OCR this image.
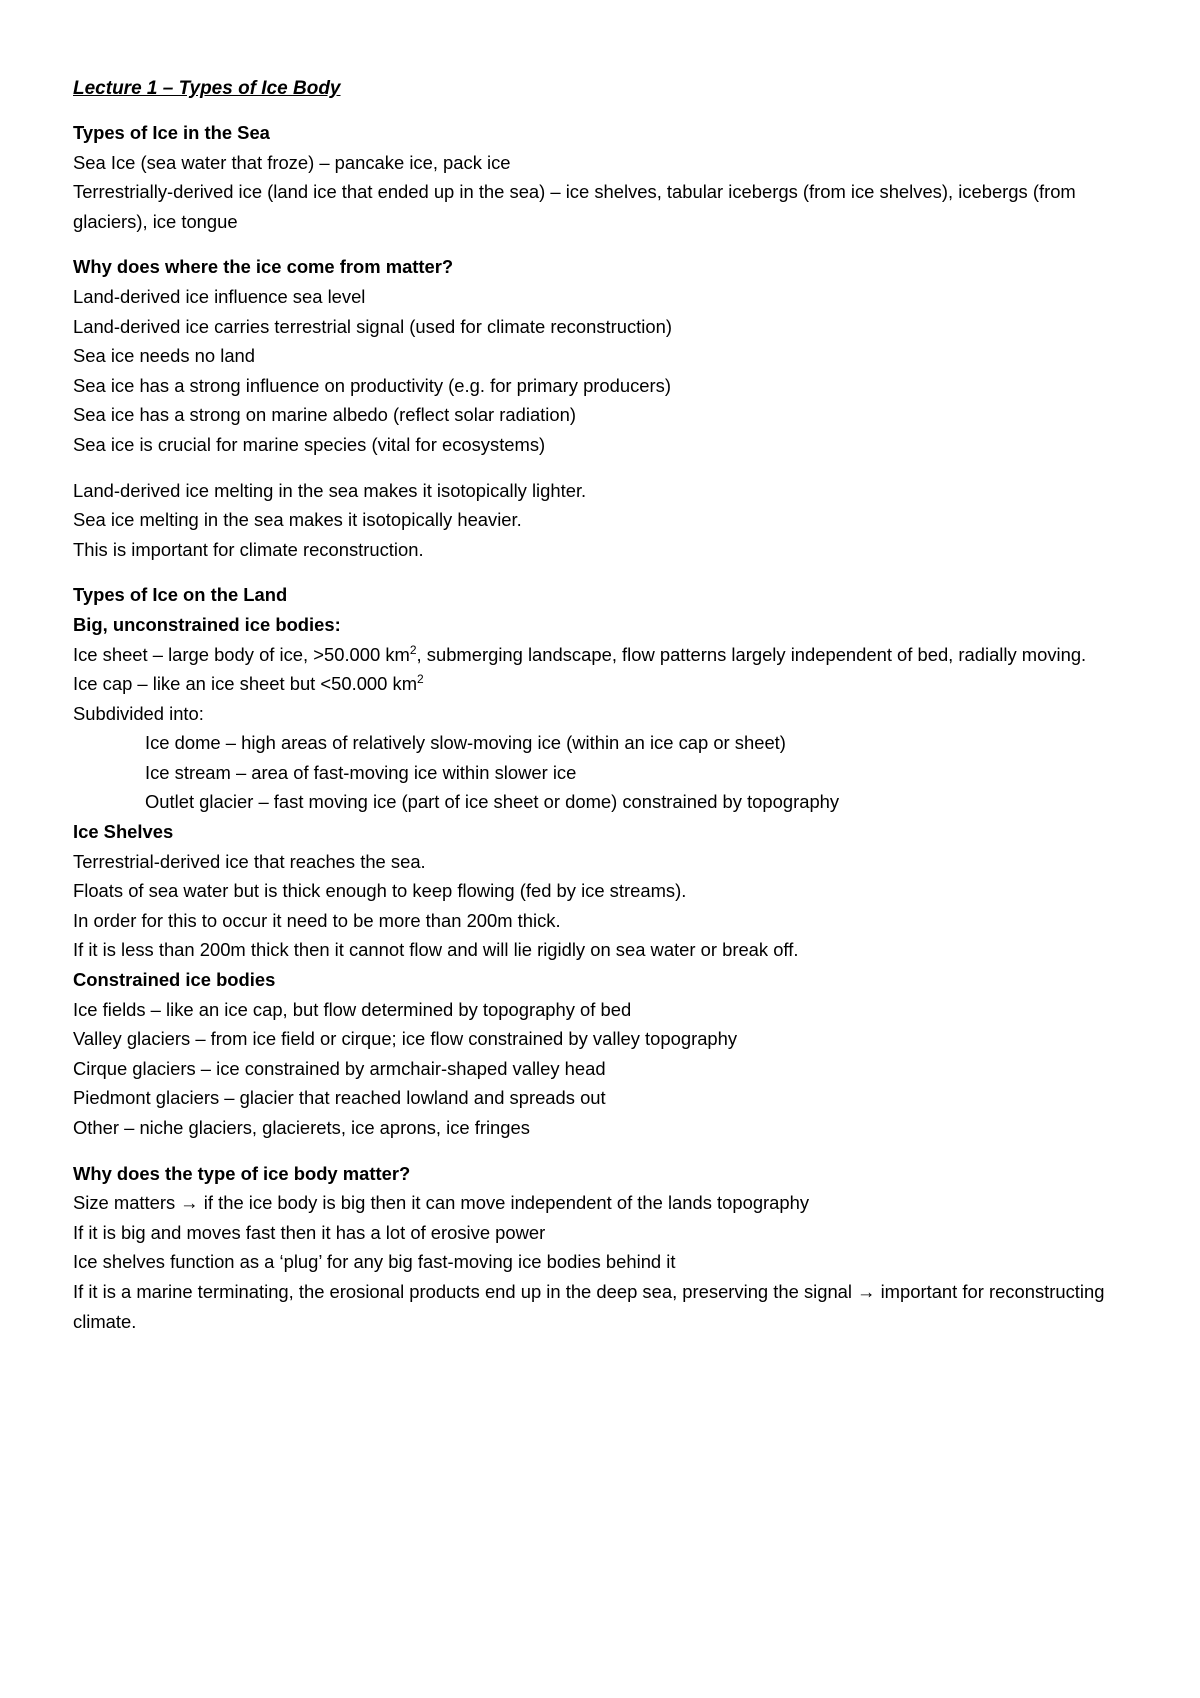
Lecture 1 – Types of Ice Body

Types of Ice in the Sea

Sea Ice (sea water that froze) – pancake ice, pack ice

Terrestrially-derived ice (land ice that ended up in the sea) – ice shelves, tabular icebergs (from ice shelves), icebergs (from glaciers), ice tongue

Why does where the ice come from matter?

Land-derived ice influence sea level

Land-derived ice carries terrestrial signal (used for climate reconstruction)

Sea ice needs no land

Sea ice has a strong influence on productivity (e.g. for primary producers)

Sea ice has a strong on marine albedo (reflect solar radiation)

Sea ice is crucial for marine species (vital for ecosystems)

Land-derived ice melting in the sea makes it isotopically lighter.

Sea ice melting in the sea makes it isotopically heavier.

This is important for climate reconstruction.

Types of Ice on the Land

Big, unconstrained ice bodies:

Ice sheet – large body of ice, >50.000 $km^2$, submerging landscape, flow patterns largely independent of bed, radially moving.

Ice cap – like an ice sheet but <50.000 $km^2$

Subdivided into:

Ice dome – high areas of relatively slow-moving ice (within an ice cap or sheet)

Ice stream – area of fast-moving ice within slower ice

Outlet glacier – fast moving ice (part of ice sheet or dome) constrained by topography

Ice Shelves

Terrestrial-derived ice that reaches the sea.

Floats of sea water but is thick enough to keep flowing (fed by ice streams).

In order for this to occur it need to be more than 200m thick.

If it is less than 200m thick then it cannot flow and will lie rigidly on sea water or break off.

Constrained ice bodies

Ice fields – like an ice cap, but flow determined by topography of bed

Valley glaciers – from ice field or cirque; ice flow constrained by valley topography

Cirque glaciers – ice constrained by armchair-shaped valley head

Piedmont glaciers – glacier that reached lowland and spreads out

Other – niche glaciers, glacierets, ice aprons, ice fringes

Why does the type of ice body matter?

Size matters → if the ice body is big then it can move independent of the lands topography

If it is big and moves fast then it has a lot of erosive power

Ice shelves function as a ‘plug’ for any big fast-moving ice bodies behind it

If it is a marine terminating, the erosional products end up in the deep sea, preserving the signal → important for reconstructing climate.
